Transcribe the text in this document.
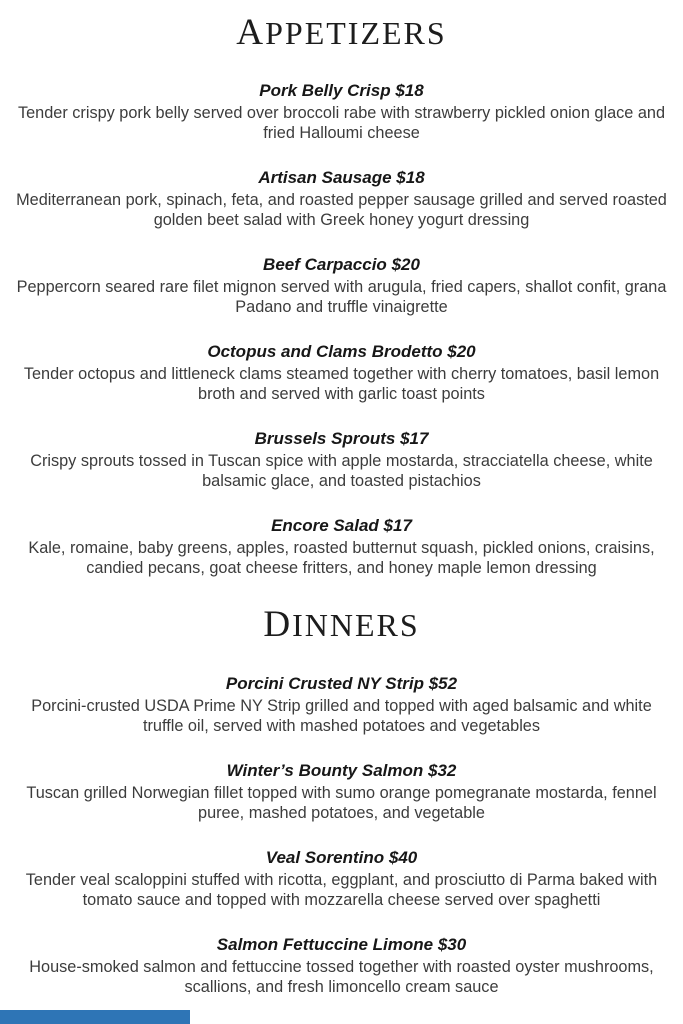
APPETIZERS
Pork Belly Crisp $18
Tender crispy pork belly served over broccoli rabe with strawberry pickled onion glace and fried Halloumi cheese
Artisan Sausage $18
Mediterranean pork, spinach, feta, and roasted pepper sausage grilled and served roasted golden beet salad with Greek honey yogurt dressing
Beef Carpaccio $20
Peppercorn seared rare filet mignon served with arugula, fried capers, shallot confit, grana Padano and truffle vinaigrette
Octopus and Clams Brodetto $20
Tender octopus and littleneck clams steamed together with cherry tomatoes, basil lemon broth and served with garlic toast points
Brussels Sprouts $17
Crispy sprouts tossed in Tuscan spice with apple mostarda, stracciatella cheese, white balsamic glace, and toasted pistachios
Encore Salad $17
Kale, romaine, baby greens, apples, roasted butternut squash, pickled onions, craisins, candied pecans, goat cheese fritters, and honey maple lemon dressing
DINNERS
Porcini Crusted NY Strip $52
Porcini-crusted USDA Prime NY Strip grilled and topped with aged balsamic and white truffle oil, served with mashed potatoes and vegetables
Winter’s Bounty Salmon $32
Tuscan grilled Norwegian fillet topped with sumo orange pomegranate mostarda, fennel puree, mashed potatoes, and vegetable
Veal Sorentino $40
Tender veal scaloppini stuffed with ricotta, eggplant, and prosciutto di Parma baked with tomato sauce and topped with mozzarella cheese served over spaghetti
Salmon Fettuccine Limone $30
House-smoked salmon and fettuccine tossed together with roasted oyster mushrooms, scallions, and fresh limoncello cream sauce
